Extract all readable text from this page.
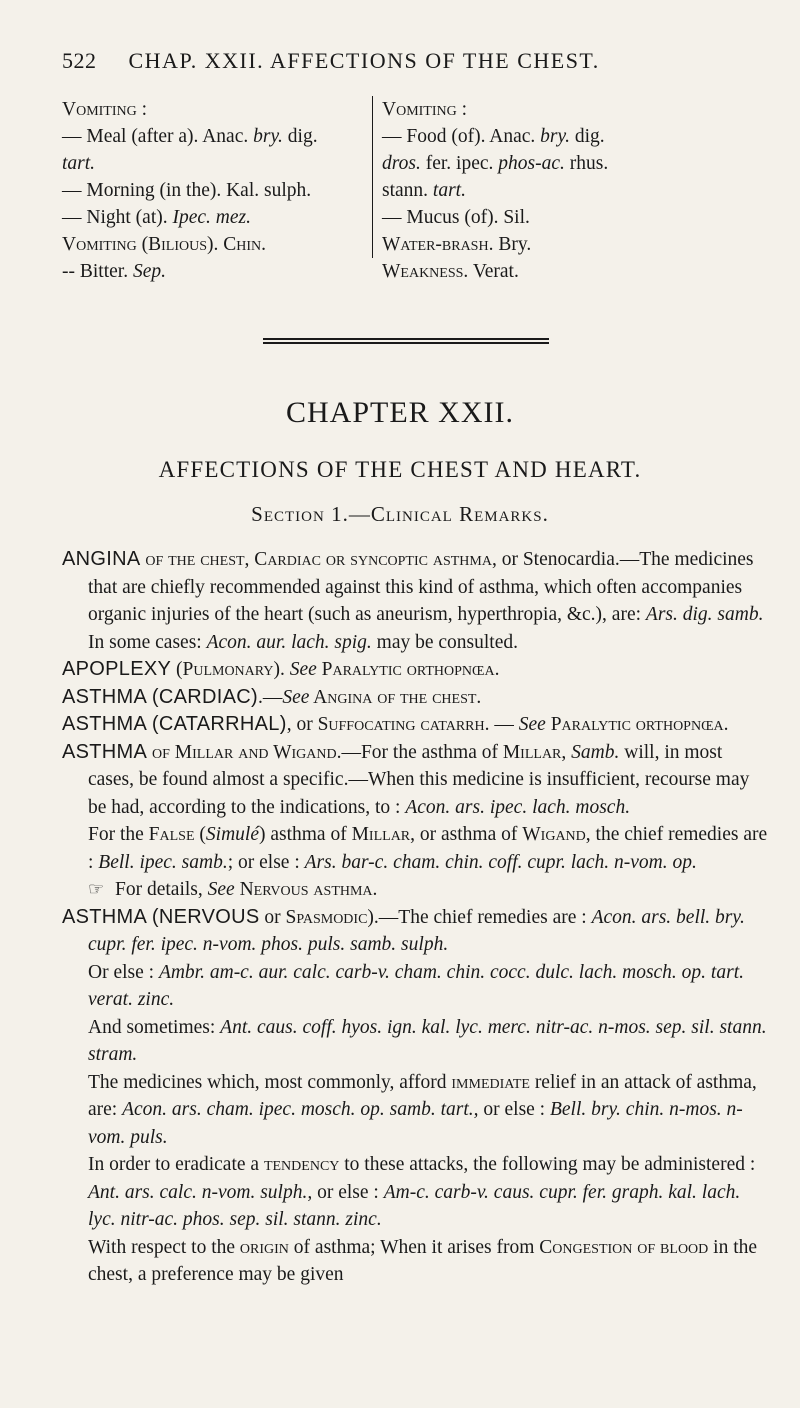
522 CHAP. XXII. AFFECTIONS OF THE CHEST.
Vomiting :
— Meal (after a). Anac. bry. dig.
tart.
— Morning (in the). Kal. sulph.
— Night (at). Ipec. mez.
Vomiting (Bilious). Chin.
-- Bitter. Sep.
Vomiting :
— Food (of). Anac. bry. dig.
dros. fer. ipec. phos-ac. rhus.
stann. tart.
— Mucus (of). Sil.
Water-brash. Bry.
Weakness. Verat.
CHAPTER XXII.
AFFECTIONS OF THE CHEST AND HEART.
Section 1.—Clinical Remarks.

ANGINA of the chest, Cardiac or syncoptic asthma, or Stenocardia.—The medicines that are chiefly recommended against this kind of asthma, which often accompanies organic injuries of the heart (such as aneurism, hyperthropia, &c.), are: Ars. dig. samb. In some cases: Acon. aur. lach. spig. may be consulted.

APOPLEXY (Pulmonary). See Paralytic orthopnœa.

ASTHMA (CARDIAC).—See Angina of the chest.

ASTHMA (CATARRHAL), or Suffocating catarrh. — See Paralytic orthopnœa.

ASTHMA of Millar and Wigand.—For the asthma of Millar, Samb. will, in most cases, be found almost a specific.—When this medicine is insufficient, recourse may be had, according to the indications, to : Acon. ars. ipec. lach. mosch.

For the False (Simulé) asthma of Millar, or asthma of Wigand, the chief remedies are : Bell. ipec. samb.; or else : Ars. bar-c. cham. chin. coff. cupr. lach. n-vom. op.

☞ For details, See Nervous asthma.

ASTHMA (NERVOUS or Spasmodic).—The chief remedies are : Acon. ars. bell. bry. cupr. fer. ipec. n-vom. phos. puls. samb. sulph.

Or else : Ambr. am-c. aur. calc. carb-v. cham. chin. cocc. dulc. lach. mosch. op. tart. verat. zinc.

And sometimes: Ant. caus. coff. hyos. ign. kal. lyc. merc. nitr-ac. n-mos. sep. sil. stann. stram.

The medicines which, most commonly, afford immediate relief in an attack of asthma, are: Acon. ars. cham. ipec. mosch. op. samb. tart., or else : Bell. bry. chin. n-mos. n-vom. puls.

In order to eradicate a tendency to these attacks, the following may be administered : Ant. ars. calc. n-vom. sulph., or else : Am-c. carb-v. caus. cupr. fer. graph. kal. lach. lyc. nitr-ac. phos. sep. sil. stann. zinc.

With respect to the origin of asthma; When it arises from Congestion of blood in the chest, a preference may be given
